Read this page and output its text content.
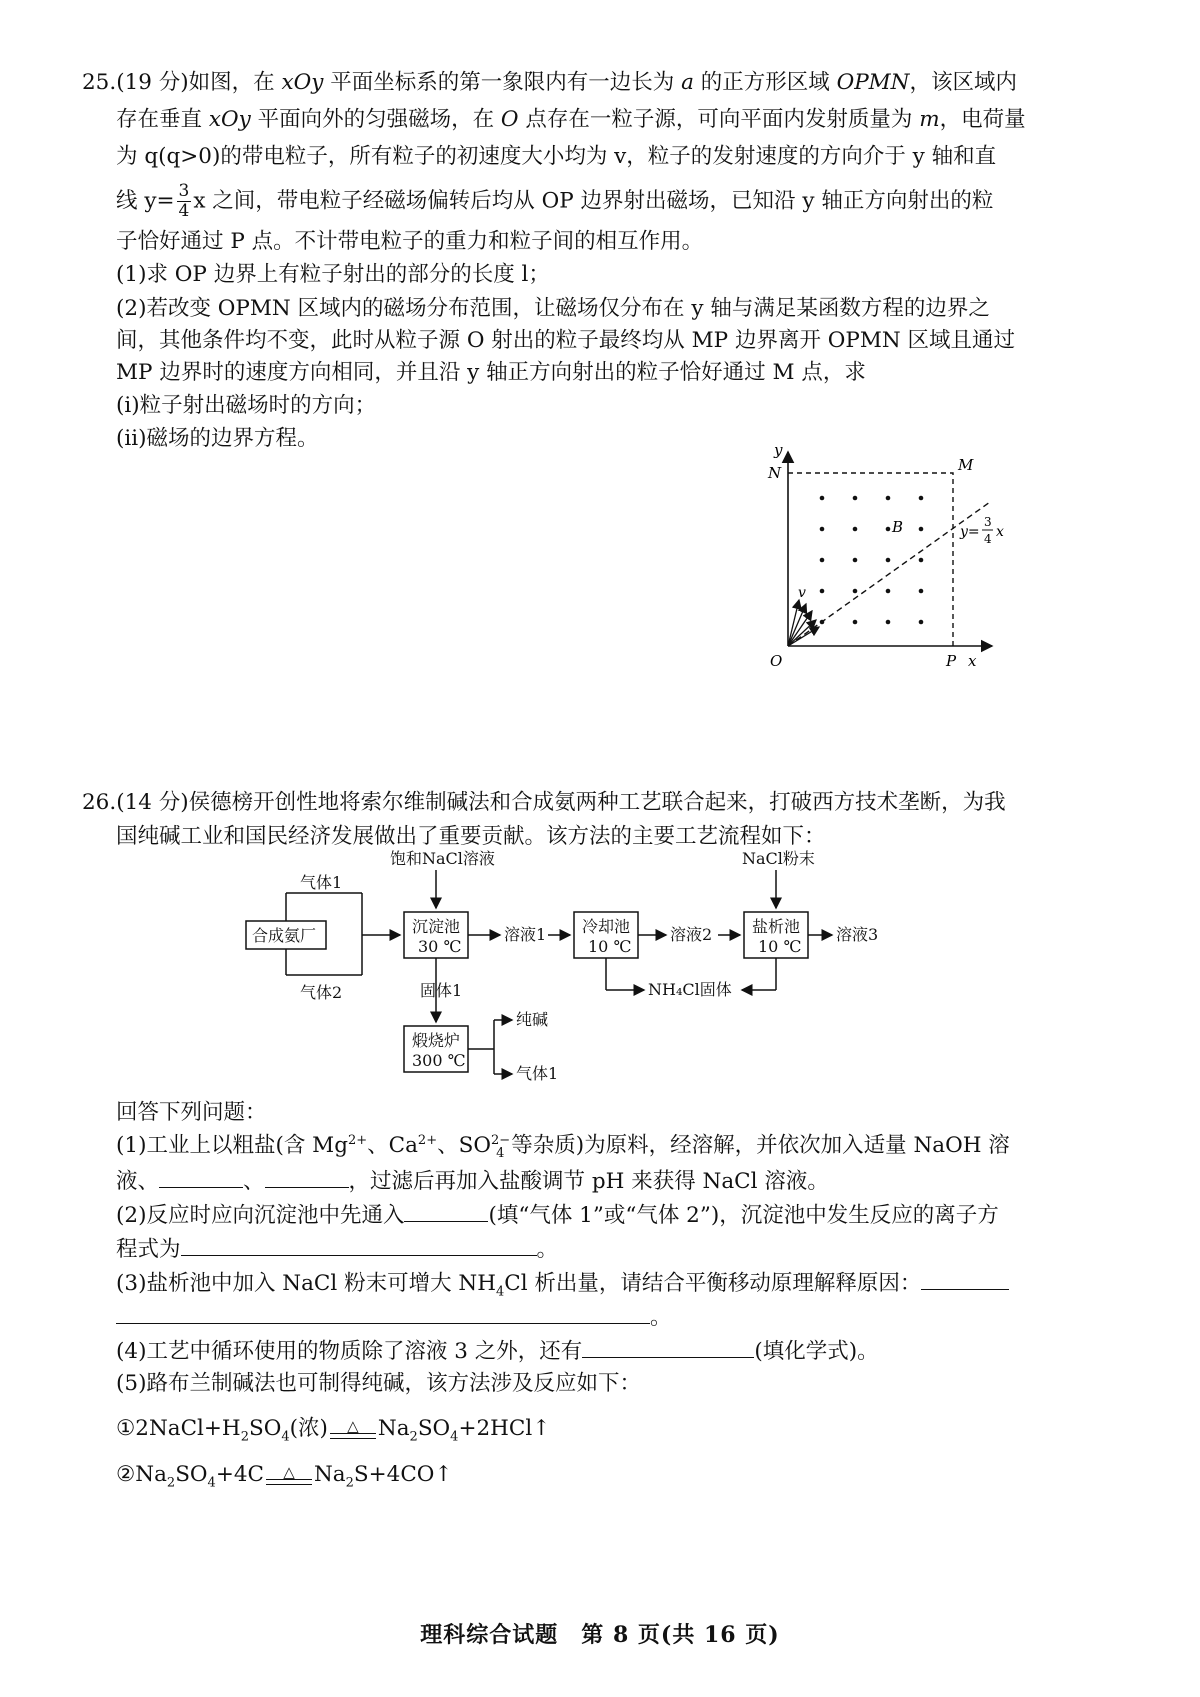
25.(19 分)如图，在 xOy 平面坐标系的第一象限内有一边长为 a 的正方形区域 OPMN，该区域内
存在垂直 xOy 平面向外的匀强磁场，在 O 点存在一粒子源，可向平面内发射质量为 m，电荷量
为 q(q>0)的带电粒子，所有粒子的初速度大小均为 v，粒子的发射速度的方向介于 y 轴和直
线 $y= \frac{3}{4}$ x 之间，带电粒子经磁场偏转后均从 OP 边界射出磁场，已知沿 y 轴正方向射出的粒
子恰好通过 P 点。不计带电粒子的重力和粒子间的相互作用。
(1)求 OP 边界上有粒子射出的部分的长度 l；
(2)若改变 OPMN 区域内的磁场分布范围，让磁场仅分布在 y 轴与满足某函数方程的边界之
间，其他条件均不变，此时从粒子源 O 射出的粒子最终均从 MP 边界离开 OPMN 区域且通过
MP 边界时的速度方向相同，并且沿 y 轴正方向射出的粒子恰好通过 M 点，求
(i)粒子射出磁场时的方向；
(ii)磁场的边界方程。	y
N	M
B
v
O	P x
y=
3
4 x
26.(14 分)侯德榜开创性地将索尔维制碱法和合成氨两种工艺联合起来，打破西方技术垄断，为我
国纯碱工业和国民经济发展做出了重要贡献。该方法的主要工艺流程如下：
合成氨厂
气体1
气体2
饱和NaCl溶液
沉淀池
30 ℃
溶液1 冷却池
10 ℃
溶液2
NaCl粉末
盐析池
10 ℃
溶液3
NH₄Cl固体
固体1
煅烧炉
300 ℃
纯碱
气体1
回答下列问题：
(1)工业上以粗盐(含 $Mg^{2+}$、$Ca^{2+}$、$SO^{2-}_4$ 等杂质)为原料，经溶解，并依次加入适量 NaOH 溶
液、	、	，过滤后再加入盐酸调节 pH 来获得 NaCl 溶液。
(2)反应时应向沉淀池中先通入	(填“气体 1”或“气体 2”)，沉淀池中发生反应的离子方
程式为	。
(3)盐析池中加入 NaCl 粉末可增大 $NH_4Cl$ 析出量，请结合平衡移动原理解释原因：
。
(4)工艺中循环使用的物质除了溶液 3 之外，还有	(填化学式)。
(5)路布兰制碱法也可制得纯碱，该方法涉及反应如下：
$①2NaCl+H_2SO_4$(浓) △ $Na_2SO_4+2HCl↑$
$②Na_2SO_4+4C$ △ $Na_2S+4CO↑$
理科综合试题　第 8 页(共 16 页)
